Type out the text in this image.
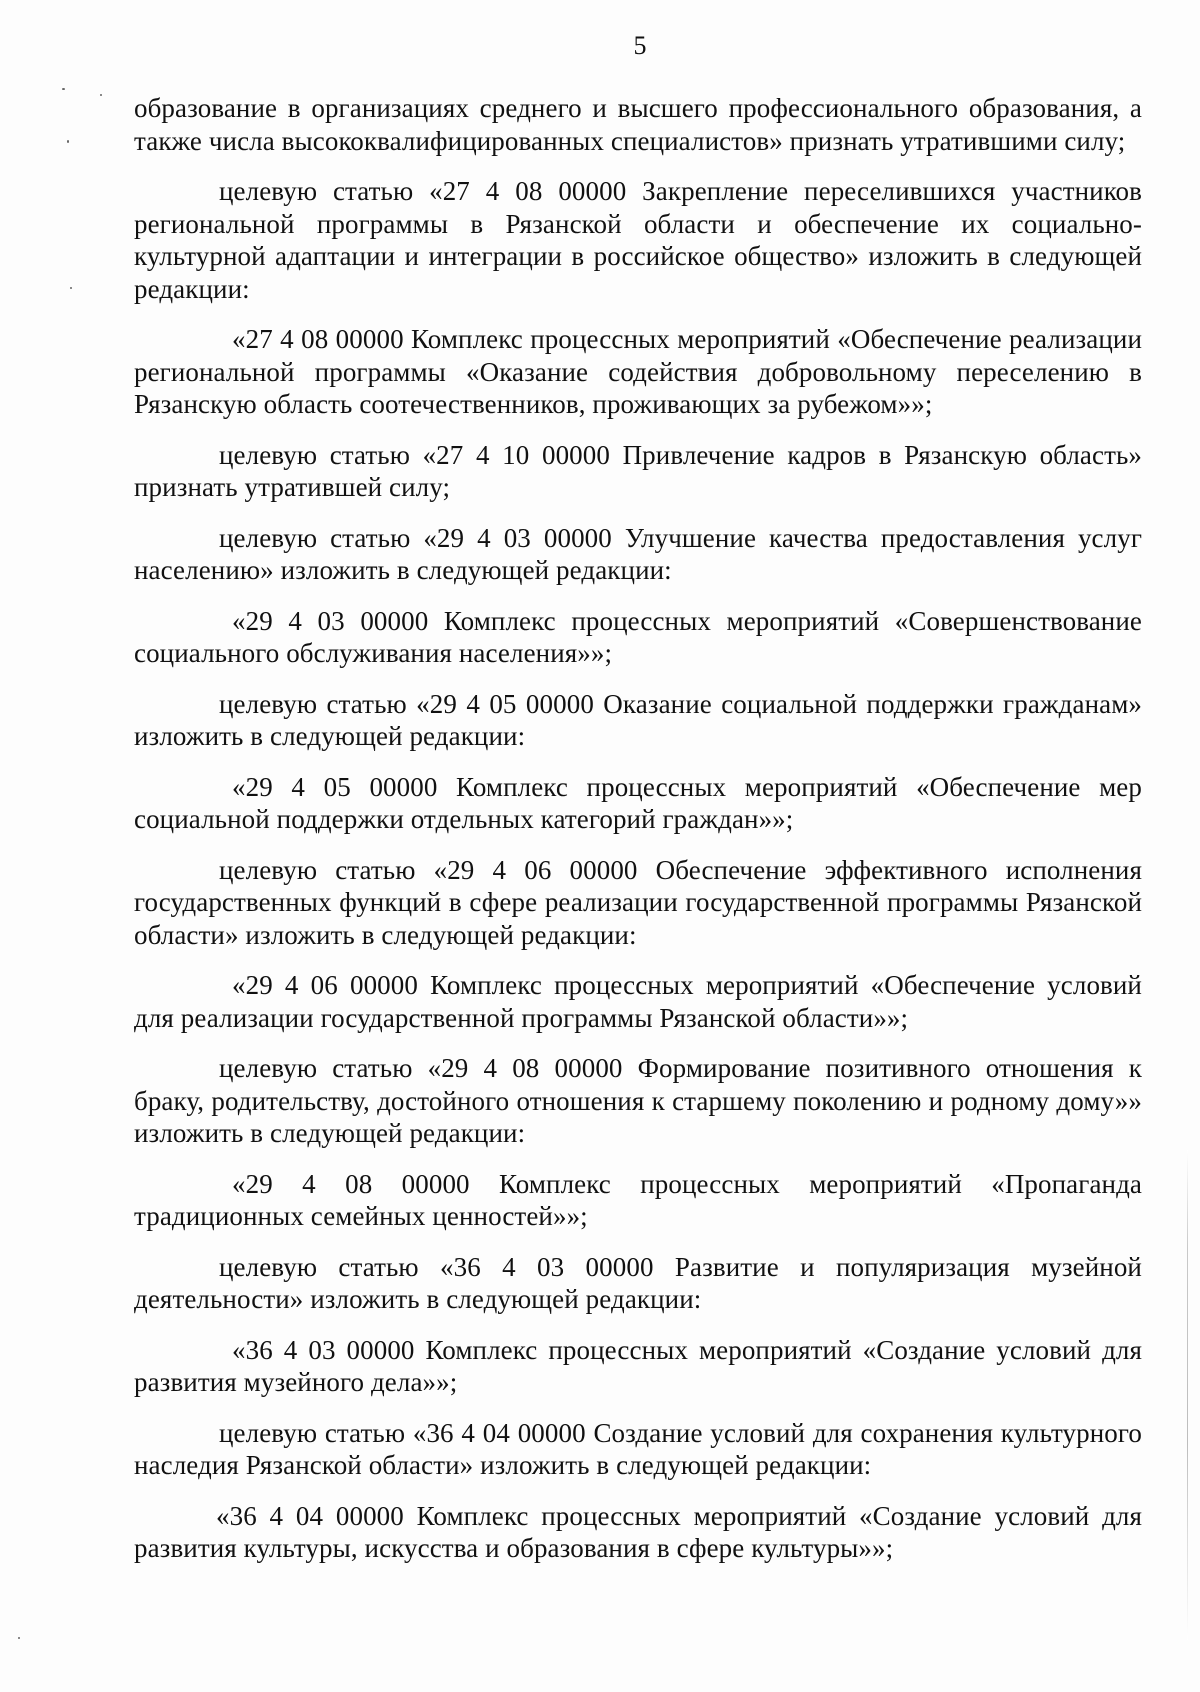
5

образование в организациях среднего и высшего профессионального образования, а также числа высококвалифицированных специалистов» признать утратившими силу;

целевую статью «27 4 08 00000 Закрепление переселившихся участников региональной программы в Рязанской области и обеспечение их социально-культурной адаптации и интеграции в российское общество» изложить в следующей редакции:

«27 4 08 00000 Комплекс процессных мероприятий «Обеспечение реализации региональной программы «Оказание содействия добровольному переселению в Рязанскую область соотечественников, проживающих за рубежом»»;

целевую статью «27 4 10 00000 Привлечение кадров в Рязанскую область» признать утратившей силу;

целевую статью «29 4 03 00000 Улучшение качества предоставления услуг населению» изложить в следующей редакции:

«29 4 03 00000 Комплекс процессных мероприятий «Совершенствование социального обслуживания населения»»;

целевую статью «29 4 05 00000 Оказание социальной поддержки гражданам» изложить в следующей редакции:

«29 4 05 00000 Комплекс процессных мероприятий «Обеспечение мер социальной поддержки отдельных категорий граждан»»;

целевую статью «29 4 06 00000 Обеспечение эффективного исполнения государственных функций в сфере реализации государственной программы Рязанской области» изложить в следующей редакции:

«29 4 06 00000 Комплекс процессных мероприятий «Обеспечение условий для реализации государственной программы Рязанской области»»;

целевую статью «29 4 08 00000 Формирование позитивного отношения к браку, родительству, достойного отношения к старшему поколению и родному дому»» изложить в следующей редакции:

«29 4 08 00000 Комплекс процессных мероприятий «Пропаганда традиционных семейных ценностей»»;

целевую статью «36 4 03 00000 Развитие и популяризация музейной деятельности» изложить в следующей редакции:

«36 4 03 00000 Комплекс процессных мероприятий «Создание условий для развития музейного дела»»;

целевую статью «36 4 04 00000 Создание условий для сохранения культурного наследия Рязанской области» изложить в следующей редакции:

«36 4 04 00000 Комплекс процессных мероприятий «Создание условий для развития культуры, искусства и образования в сфере культуры»»;
